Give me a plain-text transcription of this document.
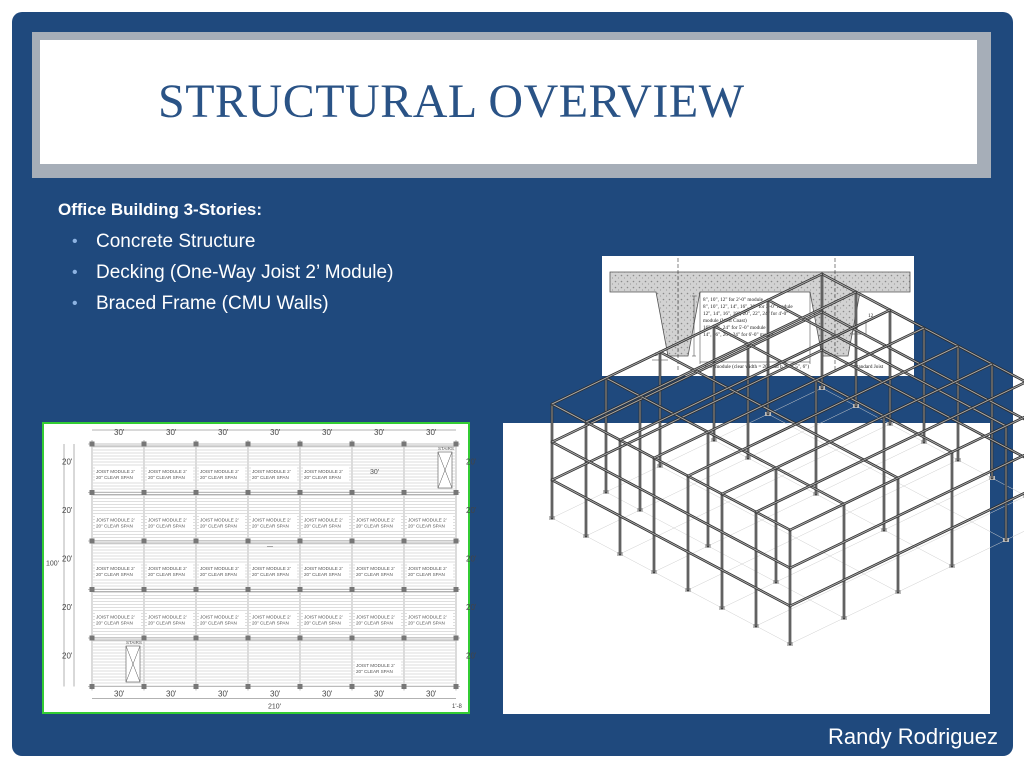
STRUCTURAL OVERVIEW
Office Building 3-Stories:
• Concrete Structure
• Decking (One-Way Joist 2’ Module)
• Braced Frame (CMU Walls)	8", 10", 12" for 2'-0" module
8", 10", 12", 14", 16", 20" for 3'-0" module
12", 14", 16", 18", 20", 22", 24" for 4'-0"
module (West Coast)
16", 20", 24" for 5'-0" module
14", 16", 20", 24" for 6'-0" module
2'-0" module (clear width = 20" and b = 4", 5", 6")	Standard Joist
12
1
b
JOIST MODULE 2'
20" CLEAR SPAN
JOIST MODULE 2'
20" CLEAR SPAN
JOIST MODULE 2'
20" CLEAR SPAN
JOIST MODULE 2'
20" CLEAR SPAN
JOIST MODULE 2'
20" CLEAR SPAN
STAIRS
JOIST MODULE 2'
20" CLEAR SPAN
JOIST MODULE 2'
20" CLEAR SPAN
JOIST MODULE 2'
20" CLEAR SPAN
JOIST MODULE 2'
20" CLEAR SPAN
JOIST MODULE 2'
20" CLEAR SPAN
JOIST MODULE 2'
20" CLEAR SPAN
JOIST MODULE 2'
20" CLEAR SPAN
JOIST MODULE 2'
20" CLEAR SPAN
JOIST MODULE 2'
20" CLEAR SPAN
JOIST MODULE 2'
20" CLEAR SPAN
JOIST MODULE 2'
20" CLEAR SPAN
JOIST MODULE 2'
20" CLEAR SPAN
JOIST MODULE 2'
20" CLEAR SPAN
JOIST MODULE 2'
20" CLEAR SPAN
JOIST MODULE 2'
20" CLEAR SPAN
JOIST MODULE 2'
20" CLEAR SPAN
JOIST MODULE 2'
20" CLEAR SPAN
JOIST MODULE 2'
20" CLEAR SPAN
JOIST MODULE 2'
20" CLEAR SPAN
JOIST MODULE 2'
20" CLEAR SPAN
JOIST MODULE 2'
20" CLEAR SPAN
STAIRS
JOIST MODULE 2'
20" CLEAR SPAN
30'
—
30'
30'
30'
30'
30'
30'
30'
30'
30'
30'
30'
30'
30'
30'
20'	20'
20'	20'
20'	20'
20'	20'
20'	20'
100'
210'	1'-8
Randy Rodriguez
